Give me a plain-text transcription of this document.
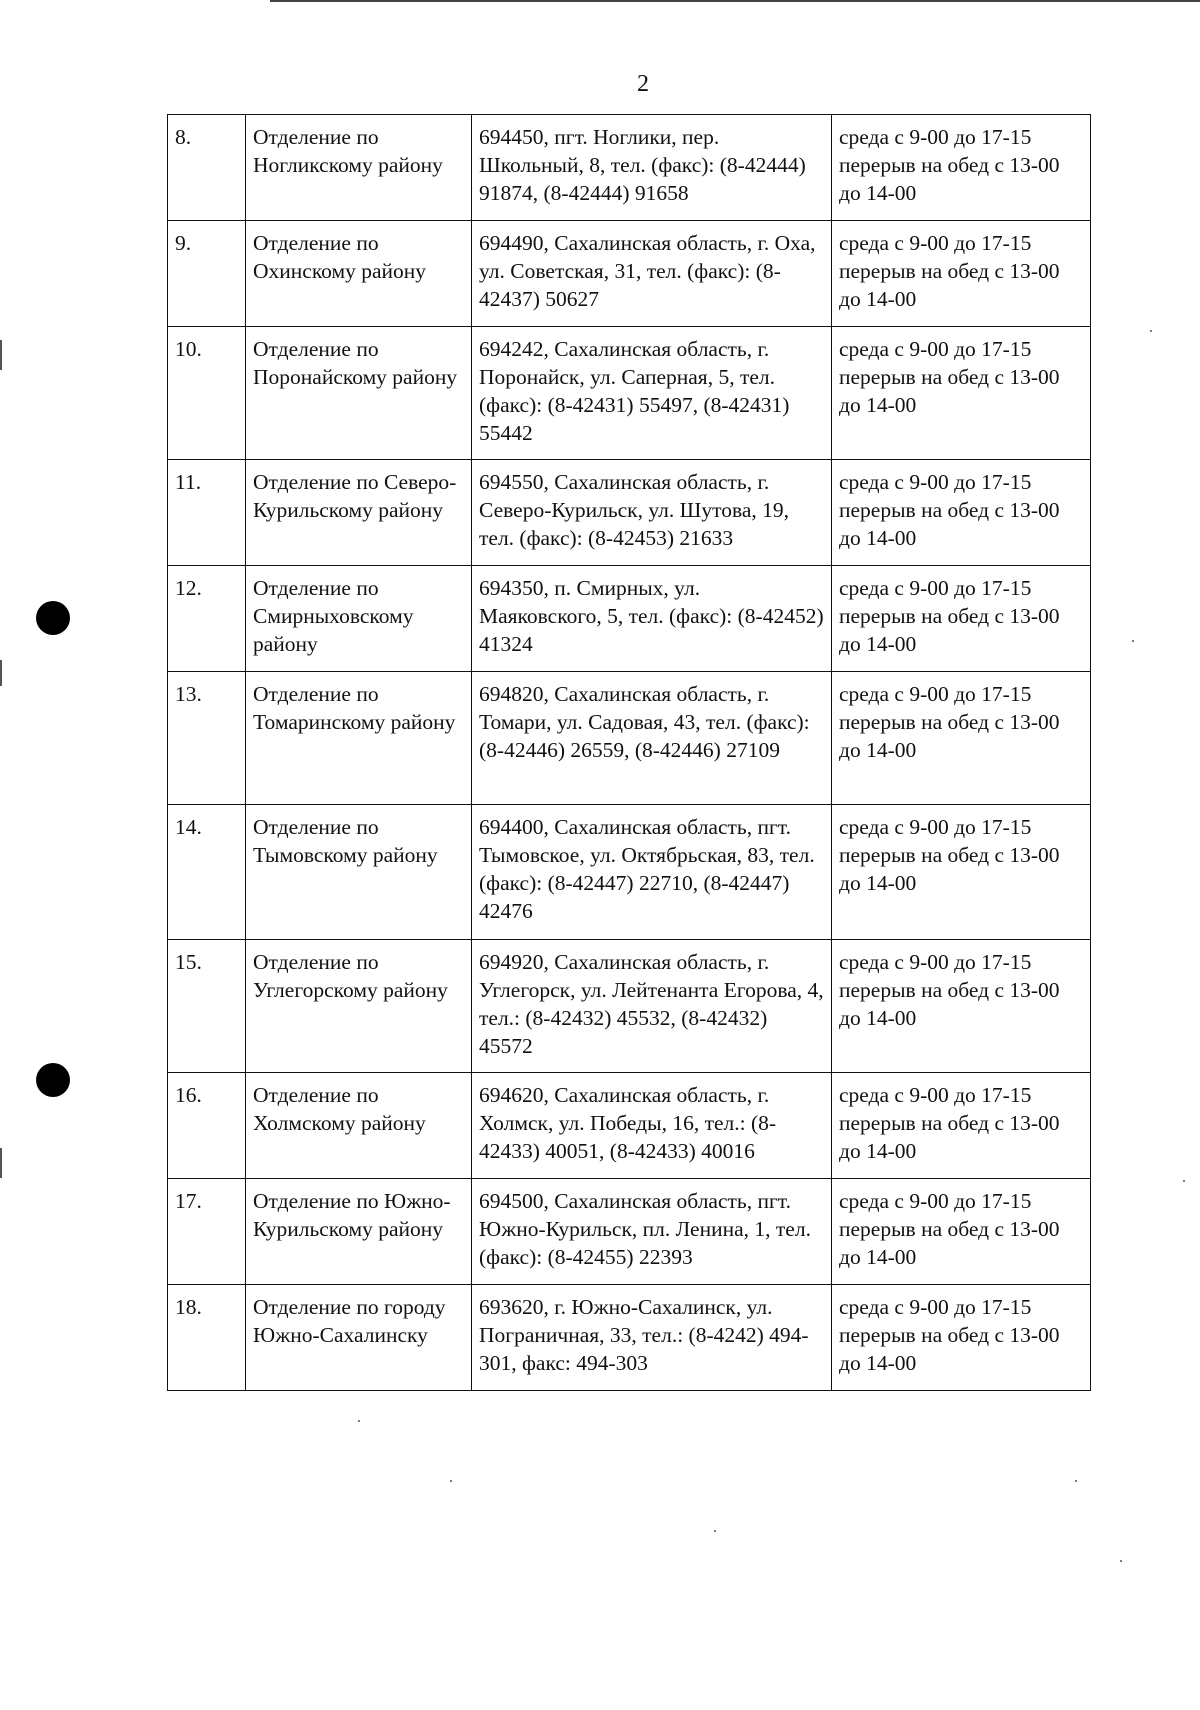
2
8.	Отделение по Ногликскому району	694450, пгт. Ноглики, пер. Школьный, 8, тел. (факс): (8-42444) 91874, (8-42444) 91658	среда с 9-00 до 17-15 перерыв на обед с 13-00 до 14-00
9.	Отделение по Охинскому району	694490, Сахалинская область, г. Оха, ул. Советская, 31, тел. (факс): (8-42437) 50627	среда с 9-00 до 17-15 перерыв на обед с 13-00 до 14-00
10.	Отделение по Поронайскому району	694242, Сахалинская область, г. Поронайск, ул. Саперная, 5, тел. (факс): (8-42431) 55497, (8-42431) 55442	среда с 9-00 до 17-15 перерыв на обед с 13-00 до 14-00
11.	Отделение по Северо-Курильскому району	694550, Сахалинская область, г. Северо-Курильск, ул. Шутова, 19, тел. (факс): (8-42453) 21633	среда с 9-00 до 17-15 перерыв на обед с 13-00 до 14-00
12.	Отделение по Смирныховскому району	694350, п. Смирных, ул. Маяковского, 5, тел. (факс): (8-42452) 41324	среда с 9-00 до 17-15 перерыв на обед с 13-00 до 14-00
13.	Отделение по Томаринскому району	694820, Сахалинская область, г. Томари, ул. Садовая, 43, тел. (факс): (8-42446) 26559, (8-42446) 27109	среда с 9-00 до 17-15 перерыв на обед с 13-00 до 14-00
14.	Отделение по Тымовскому району	694400, Сахалинская область, пгт. Тымовское, ул. Октябрьская, 83, тел. (факс): (8-42447) 22710, (8-42447) 42476	среда с 9-00 до 17-15 перерыв на обед с 13-00 до 14-00
15.	Отделение по Углегорскому району	694920, Сахалинская область, г. Углегорск, ул. Лейтенанта Егорова, 4, тел.: (8-42432) 45532, (8-42432) 45572	среда с 9-00 до 17-15 перерыв на обед с 13-00 до 14-00
16.	Отделение по Холмскому району	694620, Сахалинская область, г. Холмск, ул. Победы, 16, тел.: (8-42433) 40051, (8-42433) 40016	среда с 9-00 до 17-15 перерыв на обед с 13-00 до 14-00
17.	Отделение по Южно-Курильскому району	694500, Сахалинская область, пгт. Южно-Курильск, пл. Ленина, 1, тел. (факс): (8-42455) 22393	среда с 9-00 до 17-15 перерыв на обед с 13-00 до 14-00
18.	Отделение по городу Южно-Сахалинску	693620, г. Южно-Сахалинск, ул. Пограничная, 33, тел.: (8-4242) 494-301, факс: 494-303	среда с 9-00 до 17-15 перерыв на обед с 13-00 до 14-00
